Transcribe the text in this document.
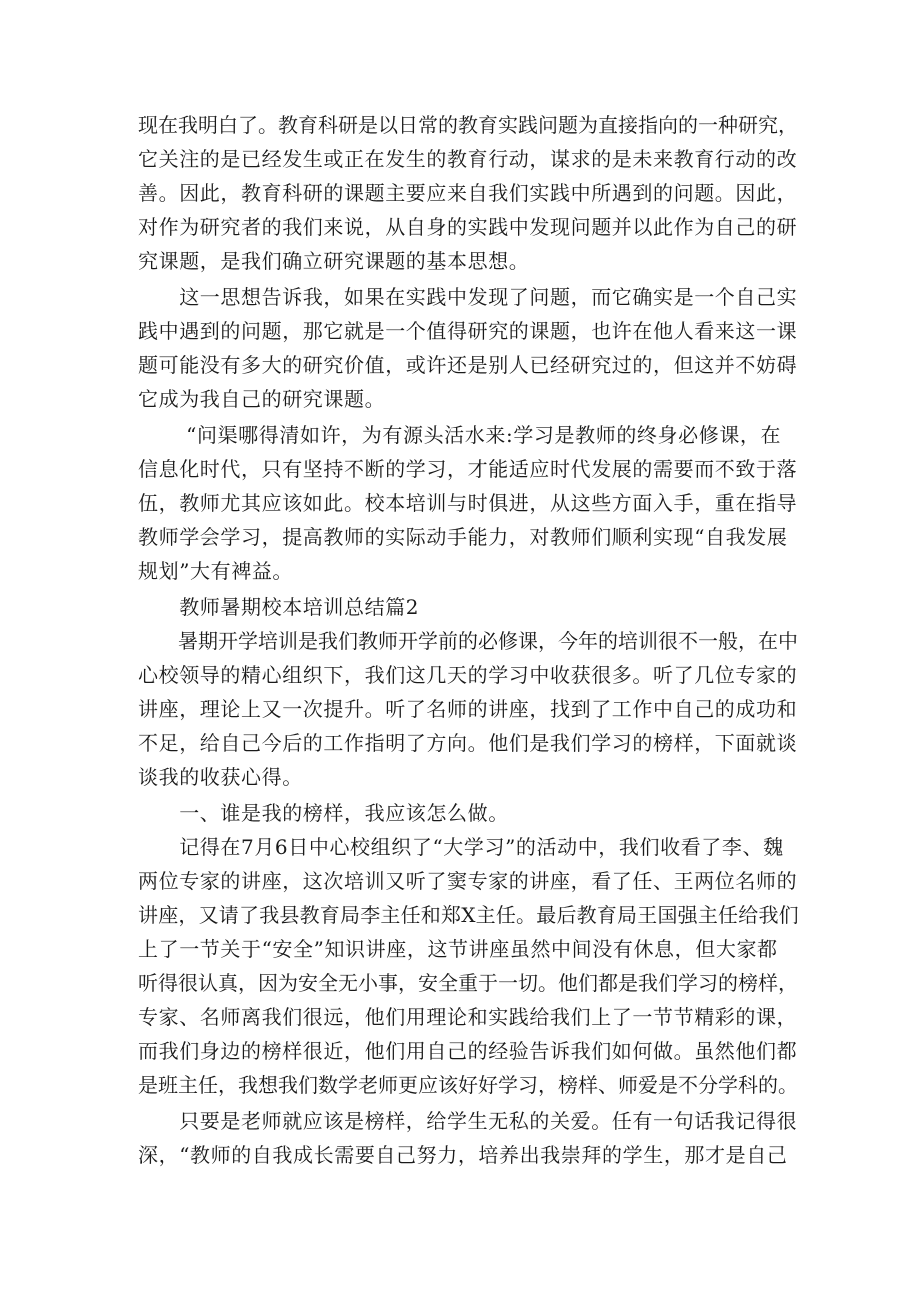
现在我明白了。教育科研是以日常的教育实践问题为直接指向的一种研究，
它关注的是已经发生或正在发生的教育行动，谋求的是未来教育行动的改
善。因此，教育科研的课题主要应来自我们实践中所遇到的问题。因此，
对作为研究者的我们来说，从自身的实践中发现问题并以此作为自己的研
究课题，是我们确立研究课题的基本思想。
　　这一思想告诉我，如果在实践中发现了问题，而它确实是一个自己实
践中遇到的问题，那它就是一个值得研究的课题，也许在他人看来这一课
题可能没有多大的研究价值，或许还是别人已经研究过的，但这并不妨碍
它成为我自己的研究课题。
　　 “问渠哪得清如许，为有源头活水来:学习是教师的终身必修课，在
信息化时代，只有坚持不断的学习，才能适应时代发展的需要而不致于落
伍，教师尤其应该如此。校本培训与时俱进，从这些方面入手，重在指导
教师学会学习，提高教师的实际动手能力，对教师们顺利实现“自我发展
规划”大有裨益。
　　教师暑期校本培训总结篇2
　　暑期开学培训是我们教师开学前的必修课，今年的培训很不一般，在中
心校领导的精心组织下，我们这几天的学习中收获很多。听了几位专家的
讲座，理论上又一次提升。听了名师的讲座，找到了工作中自己的成功和
不足，给自己今后的工作指明了方向。他们是我们学习的榜样，下面就谈
谈我的收获心得。
　　一、谁是我的榜样，我应该怎么做。
　　记得在7月6日中心校组织了“大学习”的活动中，我们收看了李、魏
两位专家的讲座，这次培训又听了窦专家的讲座，看了任、王两位名师的
讲座，又请了我县教育局李主任和郑X主任。最后教育局王国强主任给我们
上了一节关于“安全”知识讲座，这节讲座虽然中间没有休息，但大家都
听得很认真，因为安全无小事，安全重于一切。他们都是我们学习的榜样，
专家、名师离我们很远，他们用理论和实践给我们上了一节节精彩的课，
而我们身边的榜样很近，他们用自己的经验告诉我们如何做。虽然他们都
是班主任，我想我们数学老师更应该好好学习，榜样、师爱是不分学科的。
　　只要是老师就应该是榜样，给学生无私的关爱。任有一句话我记得很
深，“教师的自我成长需要自己努力，培养出我崇拜的学生，那才是自己
